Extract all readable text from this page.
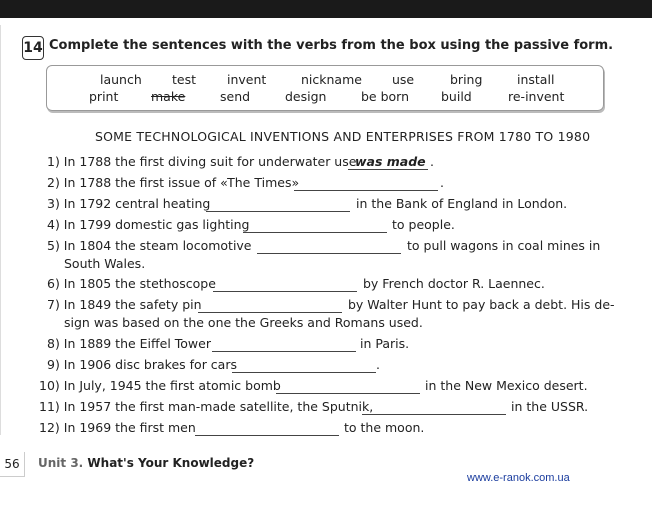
14 Complete the sentences with the verbs from the box using the passive form.
launch test invent	nickname use	bring	install
print	make	send	design	be born	build	re-invent
SOME TECHNOLOGICAL INVENTIONS AND ENTERPRISES FROM 1780 TO 1980
1) In 1788 the first diving suit for underwater use
was made .
2) In 1788 the first issue of «The Times»	.
3) In 1792 central heating	in the Bank of England in London.
4) In 1799 domestic gas lighting	to people.
5) In 1804 the steam locomotive	to pull wagons in coal mines in
South Wales.
6) In 1805 the stethoscope	by French doctor R. Laennec.
7) In 1849 the safety pin	by Walter Hunt to pay back a debt. His de-
sign was based on the one the Greeks and Romans used.
8) In 1889 the Eiffel Tower	in Paris.
9) In 1906 disc brakes for cars	.
10) In July, 1945 the first atomic bomb	in the New Mexico desert.
11) In 1957 the first man-made satellite, the Sputnik,	in the USSR.
12) In 1969 the first men	to the moon.
56	Unit 3. What's Your Knowledge?
www.e-ranok.com.ua
